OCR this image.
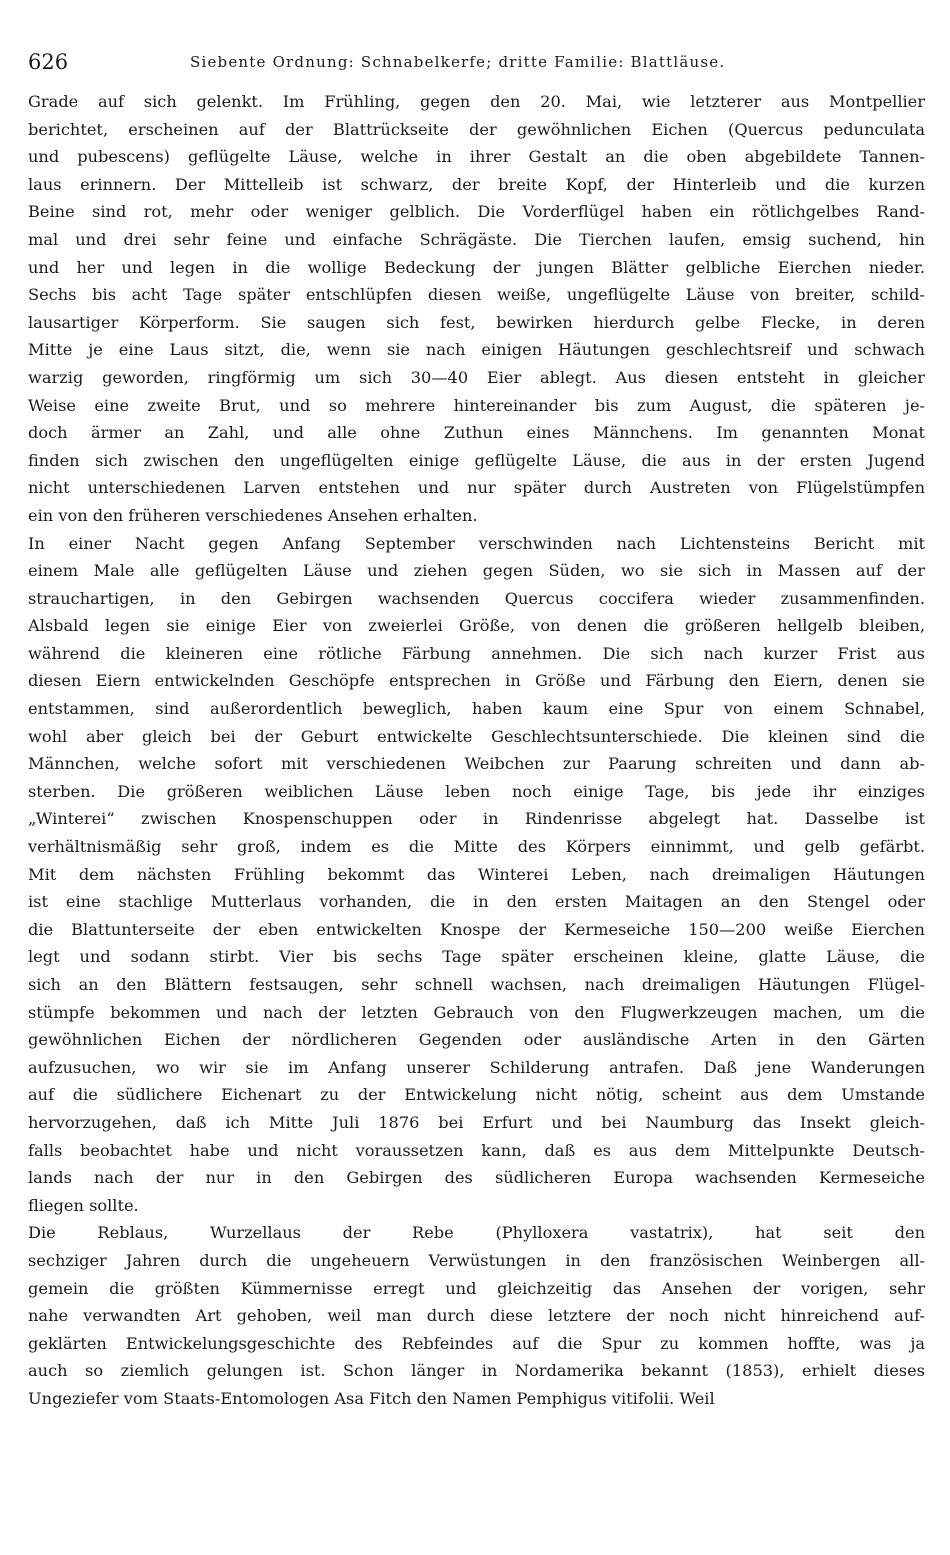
626	Siebente Ordnung: Schnabelkerfe; dritte Familie: Blattläuse.
Grade auf sich gelenkt. Im Frühling, gegen den 20. Mai, wie letzterer aus Montpellier
berichtet, erscheinen auf der Blattrückseite der gewöhnlichen Eichen (Quercus pedunculata
und pubescens) geflügelte Läuse, welche in ihrer Gestalt an die oben abgebildete Tannen-
laus erinnern. Der Mittelleib ist schwarz, der breite Kopf, der Hinterleib und die kurzen
Beine sind rot, mehr oder weniger gelblich. Die Vorderflügel haben ein rötlichgelbes Rand-
mal und drei sehr feine und einfache Schrägäste. Die Tierchen laufen, emsig suchend, hin
und her und legen in die wollige Bedeckung der jungen Blätter gelbliche Eierchen nieder.
Sechs bis acht Tage später entschlüpfen diesen weiße, ungeflügelte Läuse von breiter, schild-
lausartiger Körperform. Sie saugen sich fest, bewirken hierdurch gelbe Flecke, in deren
Mitte je eine Laus sitzt, die, wenn sie nach einigen Häutungen geschlechtsreif und schwach
warzig geworden, ringförmig um sich 30—40 Eier ablegt. Aus diesen entsteht in gleicher
Weise eine zweite Brut, und so mehrere hintereinander bis zum August, die späteren je-
doch ärmer an Zahl, und alle ohne Zuthun eines Männchens. Im genannten Monat
finden sich zwischen den ungeflügelten einige geflügelte Läuse, die aus in der ersten Jugend
nicht unterschiedenen Larven entstehen und nur später durch Austreten von Flügelstümpfen
ein von den früheren verschiedenes Ansehen erhalten.
In einer Nacht gegen Anfang September verschwinden nach Lichtensteins Bericht mit
einem Male alle geflügelten Läuse und ziehen gegen Süden, wo sie sich in Massen auf der
strauchartigen, in den Gebirgen wachsenden Quercus coccifera wieder zusammenfinden.
Alsbald legen sie einige Eier von zweierlei Größe, von denen die größeren hellgelb bleiben,
während die kleineren eine rötliche Färbung annehmen. Die sich nach kurzer Frist aus
diesen Eiern entwickelnden Geschöpfe entsprechen in Größe und Färbung den Eiern, denen sie
entstammen, sind außerordentlich beweglich, haben kaum eine Spur von einem Schnabel,
wohl aber gleich bei der Geburt entwickelte Geschlechtsunterschiede. Die kleinen sind die
Männchen, welche sofort mit verschiedenen Weibchen zur Paarung schreiten und dann ab-
sterben. Die größeren weiblichen Läuse leben noch einige Tage, bis jede ihr einziges
„Winterei“ zwischen Knospenschuppen oder in Rindenrisse abgelegt hat. Dasselbe ist
verhältnismäßig sehr groß, indem es die Mitte des Körpers einnimmt, und gelb gefärbt.
Mit dem nächsten Frühling bekommt das Winterei Leben, nach dreimaligen Häutungen
ist eine stachlige Mutterlaus vorhanden, die in den ersten Maitagen an den Stengel oder
die Blattunterseite der eben entwickelten Knospe der Kermeseiche 150—200 weiße Eierchen
legt und sodann stirbt. Vier bis sechs Tage später erscheinen kleine, glatte Läuse, die
sich an den Blättern festsaugen, sehr schnell wachsen, nach dreimaligen Häutungen Flügel-
stümpfe bekommen und nach der letzten Gebrauch von den Flugwerkzeugen machen, um die
gewöhnlichen Eichen der nördlicheren Gegenden oder ausländische Arten in den Gärten
aufzusuchen, wo wir sie im Anfang unserer Schilderung antrafen. Daß jene Wanderungen
auf die südlichere Eichenart zu der Entwickelung nicht nötig, scheint aus dem Umstande
hervorzugehen, daß ich Mitte Juli 1876 bei Erfurt und bei Naumburg das Insekt gleich-
falls beobachtet habe und nicht voraussetzen kann, daß es aus dem Mittelpunkte Deutsch-
lands nach der nur in den Gebirgen des südlicheren Europa wachsenden Kermeseiche
fliegen sollte.
Die Reblaus, Wurzellaus der Rebe (Phylloxera vastatrix), hat seit den
sechziger Jahren durch die ungeheuern Verwüstungen in den französischen Weinbergen all-
gemein die größten Kümmernisse erregt und gleichzeitig das Ansehen der vorigen, sehr
nahe verwandten Art gehoben, weil man durch diese letztere der noch nicht hinreichend auf-
geklärten Entwickelungsgeschichte des Rebfeindes auf die Spur zu kommen hoffte, was ja
auch so ziemlich gelungen ist. Schon länger in Nordamerika bekannt (1853), erhielt dieses
Ungeziefer vom Staats-Entomologen Asa Fitch den Namen Pemphigus vitifolii. Weil
